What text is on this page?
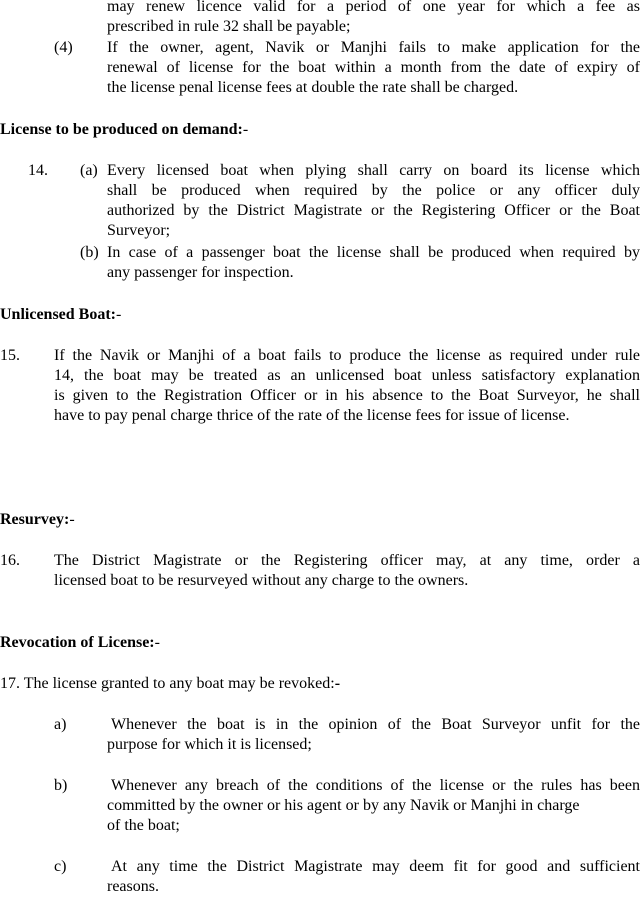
may renew licence valid for a period of one year for which a fee as
prescribed in rule 32 shall be payable;
(4) If the owner, agent, Navik or Manjhi fails to make application for the
renewal of license for the boat within a month from the date of expiry of
the license penal license fees at double the rate shall be charged.
License to be produced on demand:-
14. (a) Every licensed boat when plying shall carry on board its license which
shall be produced when required by the police or any officer duly
authorized by the District Magistrate or the Registering Officer or the Boat
Surveyor;
(b) In case of a passenger boat the license shall be produced when required by
any passenger for inspection.
Unlicensed Boat:-
15. If the Navik or Manjhi of a boat fails to produce the license as required under rule
14, the boat may be treated as an unlicensed boat unless satisfactory explanation
is given to the Registration Officer or in his absence to the Boat Surveyor, he shall
have to pay penal charge thrice of the rate of the license fees for issue of license.
Resurvey:-
16. The District Magistrate or the Registering officer may, at any time, order a
licensed boat to be resurveyed without any charge to the owners.
Revocation of License:-
17. The license granted to any boat may be revoked:-
a)	Whenever the boat is in the opinion of the Boat Surveyor unfit for the
purpose for which it is licensed;
b)	Whenever any breach of the conditions of the license or the rules has been
committed by the owner or his agent or by any Navik or Manjhi in charge
of the boat;
c)	At any time the District Magistrate may deem fit for good and sufficient
reasons.
